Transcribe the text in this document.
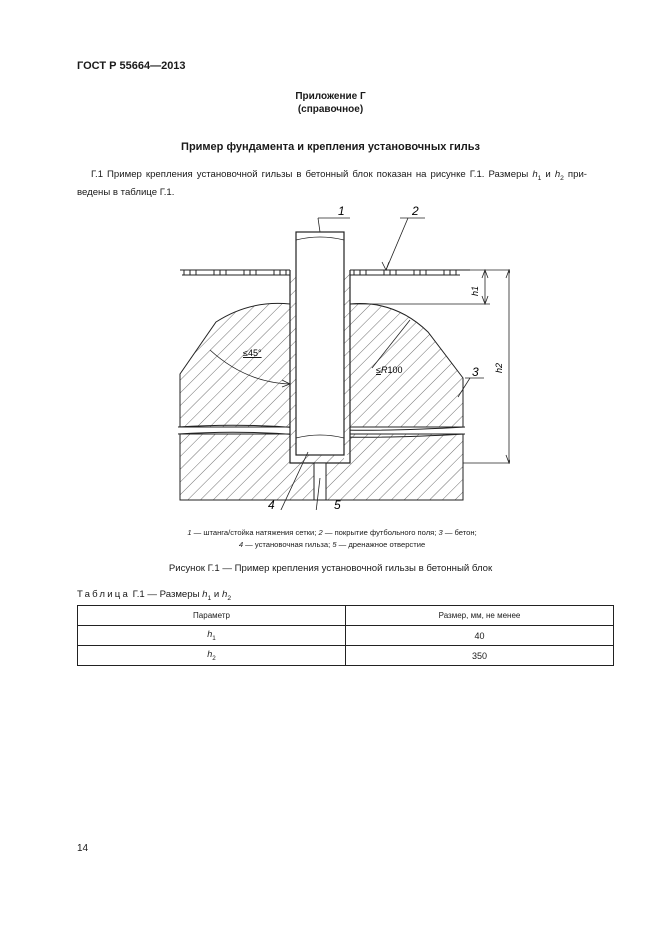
ГОСТ Р 55664—2013
Приложение Г
(справочное)
Пример фундамента и крепления установочных гильз
Г.1 Пример крепления установочной гильзы в бетонный блок показан на рисунке Г.1. Размеры $h_1$ и $h_2$ при-ведены в таблице Г.1.
h1
h2
≤45°
≤R100
1	2
3
4	5
1 — штанга/стойка натяжения сетки; 2 — покрытие футбольного поля; 3 — бетон;
4 — установочная гильза; 5 — дренажное отверстие
Рисунок Г.1 — Пример крепления установочной гильзы в бетонный блок
Таблица Г.1 — Размеры $h_1$ и $h_2$
Параметр	Размер, мм, не менее
$h_1$	40
$h_2$	350
14
